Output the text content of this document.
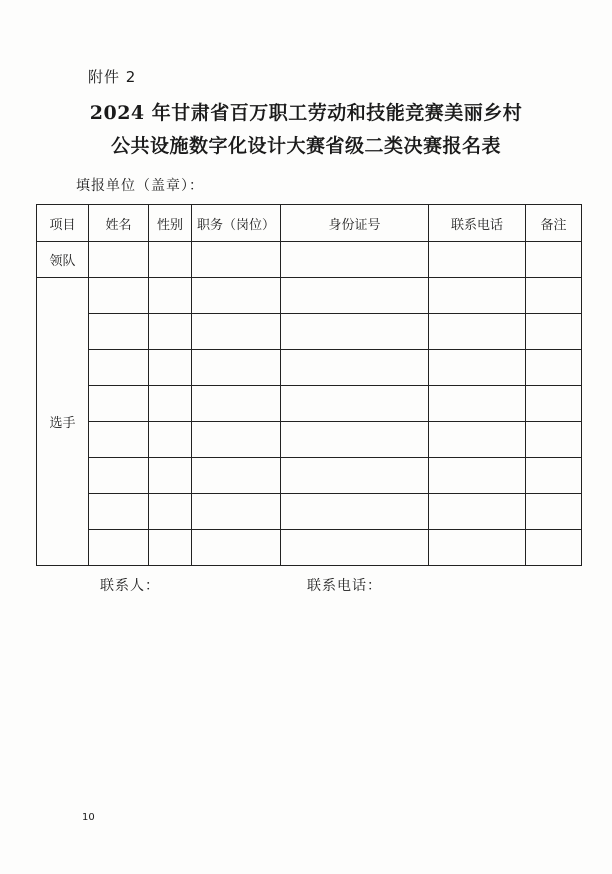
附件 2
2024 年甘肃省百万职工劳动和技能竞赛美丽乡村
公共设施数字化设计大赛省级二类决赛报名表
填报单位（盖章）：
项目	姓名	性别	职务（岗位）	身份证号	联系电话	备注
领队						
选手						

联系人：	联系电话：
10
